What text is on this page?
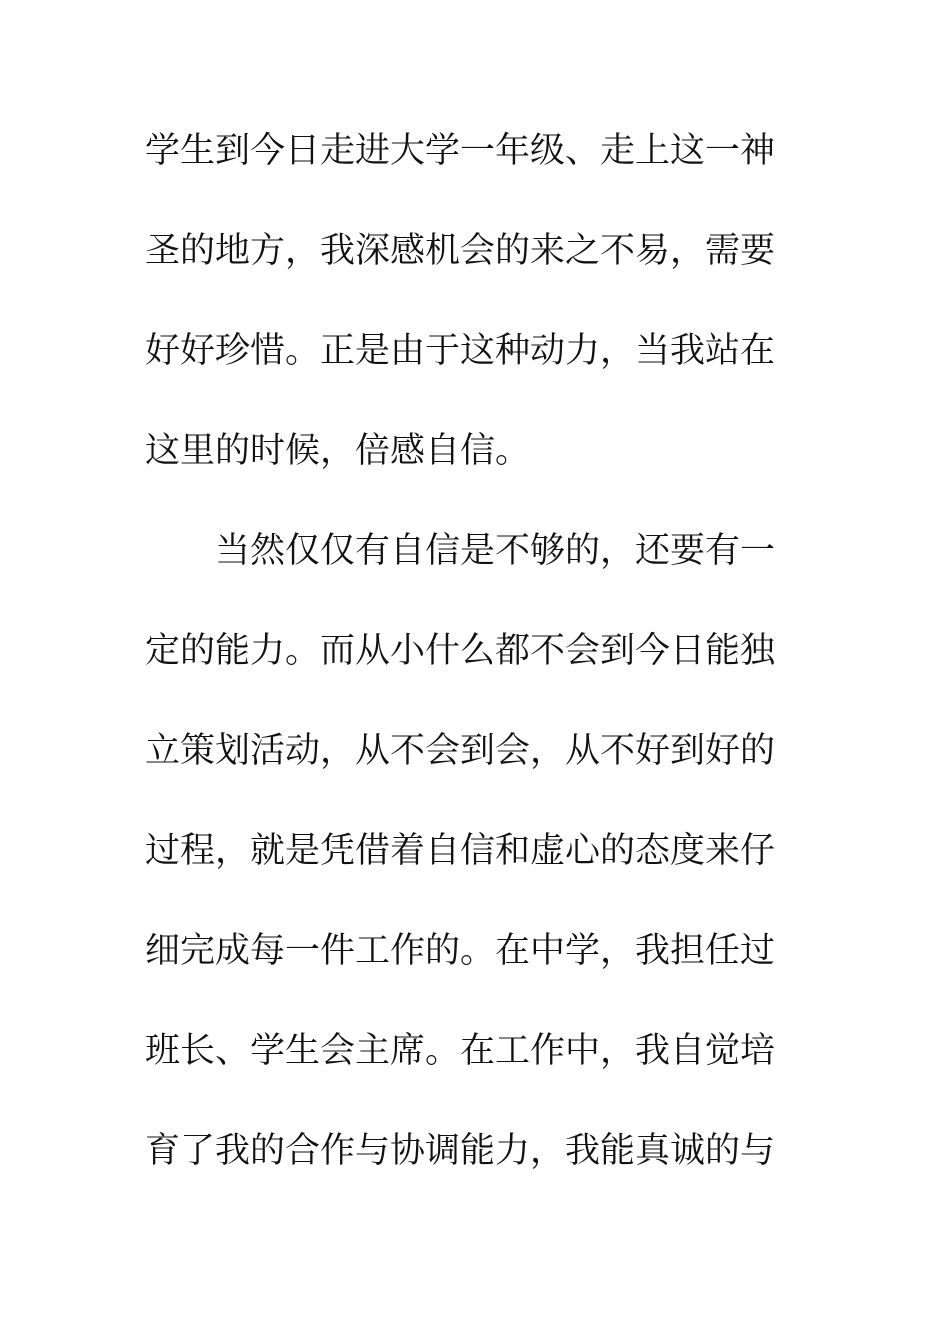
学生到今日走进大学一年级、走上这一神
圣的地方，我深感机会的来之不易，需要
好好珍惜。正是由于这种动力，当我站在
这里的时候，倍感自信。
当然仅仅有自信是不够的，还要有一
定的能力。而从小什么都不会到今日能独
立策划活动，从不会到会，从不好到好的
过程，就是凭借着自信和虚心的态度来仔
细完成每一件工作的。在中学，我担任过
班长、学生会主席。在工作中，我自觉培
育了我的合作与协调能力，我能真诚的与
